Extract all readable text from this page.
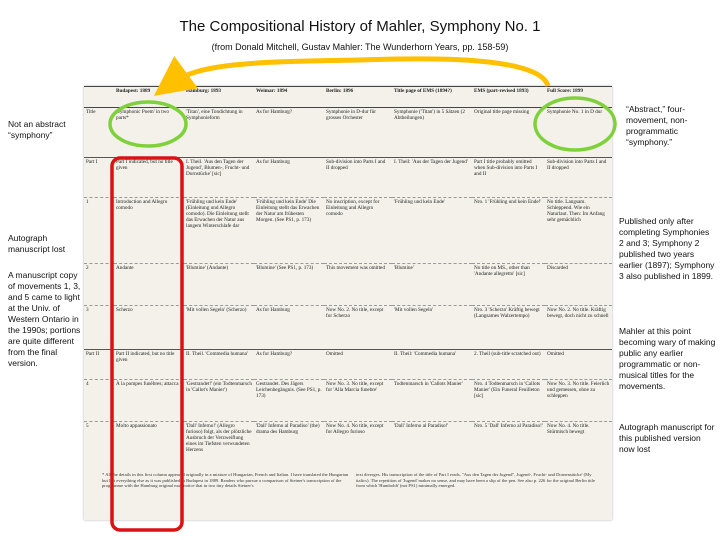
The Compositional History of Mahler, Symphony No. 1
(from Donald Mitchell, Gustav Mahler: The Wunderhorn Years, pp. 158-59)
Not an abstract “symphony”
Autograph manuscript lost
A manuscript copy of movements 1, 3, and 5 came to light at the Univ. of Western Ontario in the 1990s; portions are quite different from the final version.
“Abstract,” four-movement, non-programmatic “symphony.”
Published only after completing Symphonies 2 and 3; Symphony 2 published two years earlier (1897); Symphony 3 also published in 1899.
Mahler at this point becoming wary of making public any earlier programmatic or non-musical titles for the movements.
Autograph manuscript for this published version now lost
	Budapest: 1889	Hamburg: 1893	Weimar: 1894	Berlin: 1896	Title page of EMS (1894?)	EMS (part-revised 1893)	Full Score: 1899
Title	'Symphonic Poem' in two parts*	'Titan', eine Tondichtung in Symphonieform	As for Hamburg?	Symphonie in D-dur für grosses Orchester	Symphonie ('Titan') in 5 Sätzen (2 Abtheilungen)	Original title page missing	Symphonie No. 1 in D dur
Part I	Part I indicated, but no title given	I. Theil. 'Aus den Tagen der Jugend', Blumen-, Frucht- und Dornstücke' [sic]	As for Hamburg	Sub-division into Parts I and II dropped	I. Theil: 'Aus der Tagen der Jugend'	Part I title probably omitted when Sub-division into Parts I and II	Sub-division into Parts I and II dropped
1	Introduction and Allegro comodo	'Frühling und kein Ende' (Einleitung und Allegro comodo). Die Einleitung stellt das Erwachen der Natur aus langem Winterschlafe dar	'Frühling und kein Ende' Die Einleitung stellt das Erwachen der Natur am frühesten Morgen. (See PS1, p. 173)	No inscription, except for Einleitung and Allegro comodo	'Frühling und kein Ende'	Nro. 1 'Frühling und kein Ende!'	No title. Langsam. Schleppend. Wie ein Naturlaut. Then: Im Anfang sehr gemächlich
2	Andante	'Blumine' (Andante)	'Blumine' (See PS1, p. 173)	This movement was omitted	'Blumine'	No title on MS., other than 'Andante allegretto' [sic]	Discarded
3	Scherzo	'Mit vollen Segeln' (Scherzo)	As for Hamburg	Now No. 2. No title, except for Scherzo	'Mit vollen Segeln'	Nro. 3 'Scherzo' Kräftig bewegt (Langsames Walzertempo)	Now No. 2. No title. Kräftig bewegt, doch nicht zu schnell
Part II	Part II indicated, but no title given	II. Theil. 'Commedia humana'	As for Hamburg?	Omitted	II. Theil: 'Commedia humana'	2. Theil (sub-title scratched out)	Omitted
4	À la pompes funèbres; attacca	'Gestrandet!' (ein Todtenmarsch in 'Callot's Manier')	Gestrandet. Des Jägers Leichenbegängnis. (See PS1, p. 173)	Now No. 3. No title, except for 'Alla Marcia funebre'	Todtenmarsch in 'Callots Manier'	Nro. 4 Todtenmarsch in 'Callots Manier' (Ein Funeral Feuilleton [sic]	Now No. 3. No title. Feierlich und gemessen, ohne zu schleppen
5	Molto appassionato	'Dall' Inferno!' (Allegro furioso) folgt, als der plötzliche Ausbruch der Verzweiflung eines im Tiefsten verwundeten Herzens	'Dall' Inferno al Paradiso' (the) drama des Hamburg	Now No. 4. No title, except for Allegro furioso	'Dall' Inferno al Paradiso!'	Nro. 5 'Dall' Inferno al Paradiso!'	Now No. 4. No title. Stürmisch bewegt
* All the details in this first column appeared originally in a mixture of Hungarian, French and Italian. I have translated the Hungarian but left everything else as it was published in Budapest in 1889. Readers who pursue a comparison of Steiner's transcription of the programme with the Hamburg original may notice that in two tiny details Steiner's
text diverges. His transcription of the title of Part I reads, "Aus den Tagen der Jugend", Jugend-, Frucht- und Dornenstücke' (My italics). The repetition of 'Jugend' makes no sense, and may have been a slip of the pen. See also p. 226 for the original Berlin title from which 'Humboldt' (not PS1) minimally emerged.
